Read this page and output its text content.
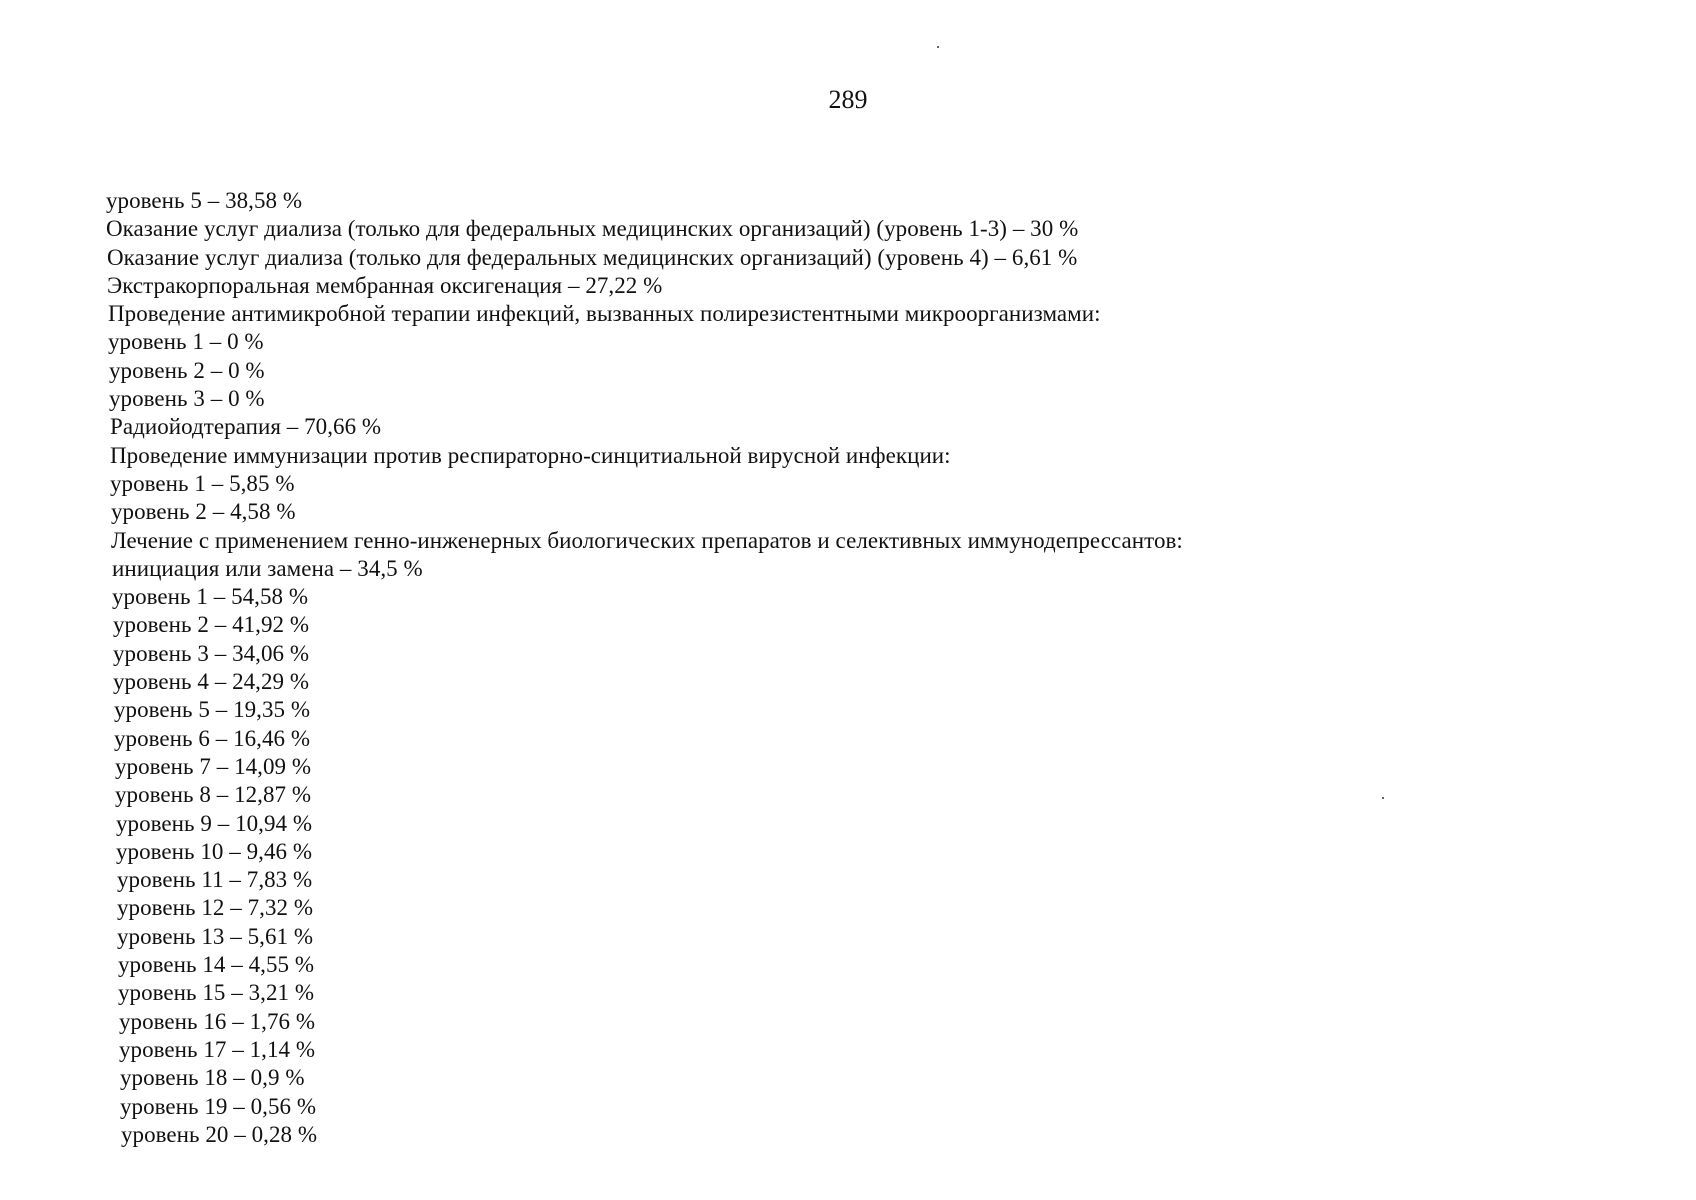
289
уровень 5 – 38,58 %
Оказание услуг диализа (только для федеральных медицинских организаций) (уровень 1-3) – 30 %
Оказание услуг диализа (только для федеральных медицинских организаций) (уровень 4) – 6,61 %
Экстракорпоральная мембранная оксигенация – 27,22 %
Проведение антимикробной терапии инфекций, вызванных полирезистентными микроорганизмами:
уровень 1 – 0 %
уровень 2 – 0 %
уровень 3 – 0 %
Радиойодтерапия – 70,66 %
Проведение иммунизации против респираторно-синцитиальной вирусной инфекции:
уровень 1 – 5,85 %
уровень 2 – 4,58 %
Лечение с применением генно-инженерных биологических препаратов и селективных иммунодепрессантов:
инициация или замена – 34,5 %
уровень 1 – 54,58 %
уровень 2 – 41,92 %
уровень 3 – 34,06 %
уровень 4 – 24,29 %
уровень 5 – 19,35 %
уровень 6 – 16,46 %
уровень 7 – 14,09 %
уровень 8 – 12,87 %
уровень 9 – 10,94 %
уровень 10 – 9,46 %
уровень 11 – 7,83 %
уровень 12 – 7,32 %
уровень 13 – 5,61 %
уровень 14 – 4,55 %
уровень 15 – 3,21 %
уровень 16 – 1,76 %
уровень 17 – 1,14 %
уровень 18 – 0,9 %
уровень 19 – 0,56 %
уровень 20 – 0,28 %
